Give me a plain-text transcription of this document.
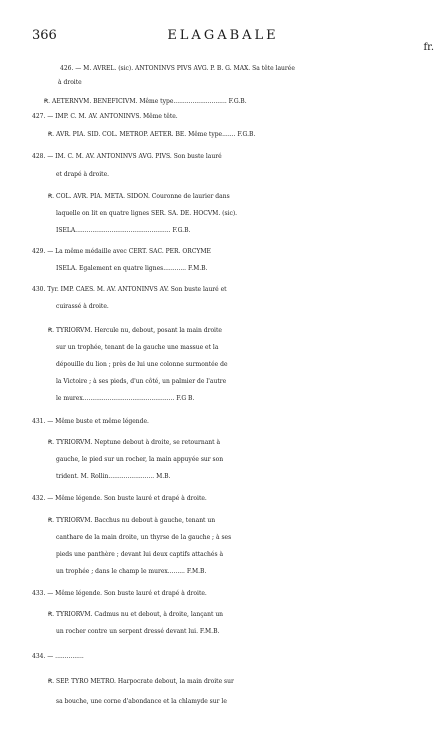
366	ELAGABALE
fr.
426. — M. AVREL. (sic). ANTONINVS PIVS AVG. P. B. G. MAX. Sa tête laurée
à droite
Ꞧ. AETERNVM. BENEFICIVM. Même type............................ F.G.B.
427. — IMP. C. M. AV. ANTONINVS. Même tête.
Ꞧ. AVR. PIA. SID. COL. METROP. AETER. BE. Même type....... F.G.B.
428. — IM. C. M. AV. ANTONINVS AVG. PIVS. Son buste lauré
et drapé à droite.
Ꞧ. COL. AVR. PIA. META. SIDON. Couronne de laurier dans
laquelle on lit en quatre lignes SER. SA. DE. HOCVM. (sic).
ISELA.................................................. F.G.B.
429. — La même médaille avec CERT. SAC. PER. ORCYME
ISELA. Egalement en quatre lignes............ F.M.B.
430. Tyr. IMP. CAES. M. AV. ANTONINVS AV. Son buste lauré et
cuirassé à droite.
Ꞧ. TYRIORVM. Hercule nu, debout, posant la main droite
sur un trophée, tenant de la gauche une massue et la
dépouille du lion ; près de lui une colonne surmontée de
la Victoire ; à ses pieds, d'un côté, un palmier de l'autre
le murex................................................ F.G B.
431. — Même buste et même légende.
Ꞧ. TYRIORVM. Neptune debout à droite, se retournant à
gauche, le pied sur un rocher, la main appuyée sur son
trident. M. Rollin........................ M.B.
432. — Même légende. Son buste lauré et drapé à droite.
Ꞧ. TYRIORVM. Bacchus nu debout à gauche, tenant un
canthare de la main droite, un thyrse de la gauche ; à ses
pieds une panthère ; devant lui deux captifs attachés à
un trophée ; dans le champ le murex......... F.M.B.
433. — Même légende. Son buste lauré et drapé à droite.
Ꞧ. TYRIORVM. Cadmus nu et debout, à droite, lançant un
un rocher contre un serpent dressé devant lui. F.M.B.
434. — ...............
Ꞧ. SEP. TYRO METRO. Harpocrate debout, la main droite sur
sa bouche, une corne d'abondance et la chlamyde sur le
